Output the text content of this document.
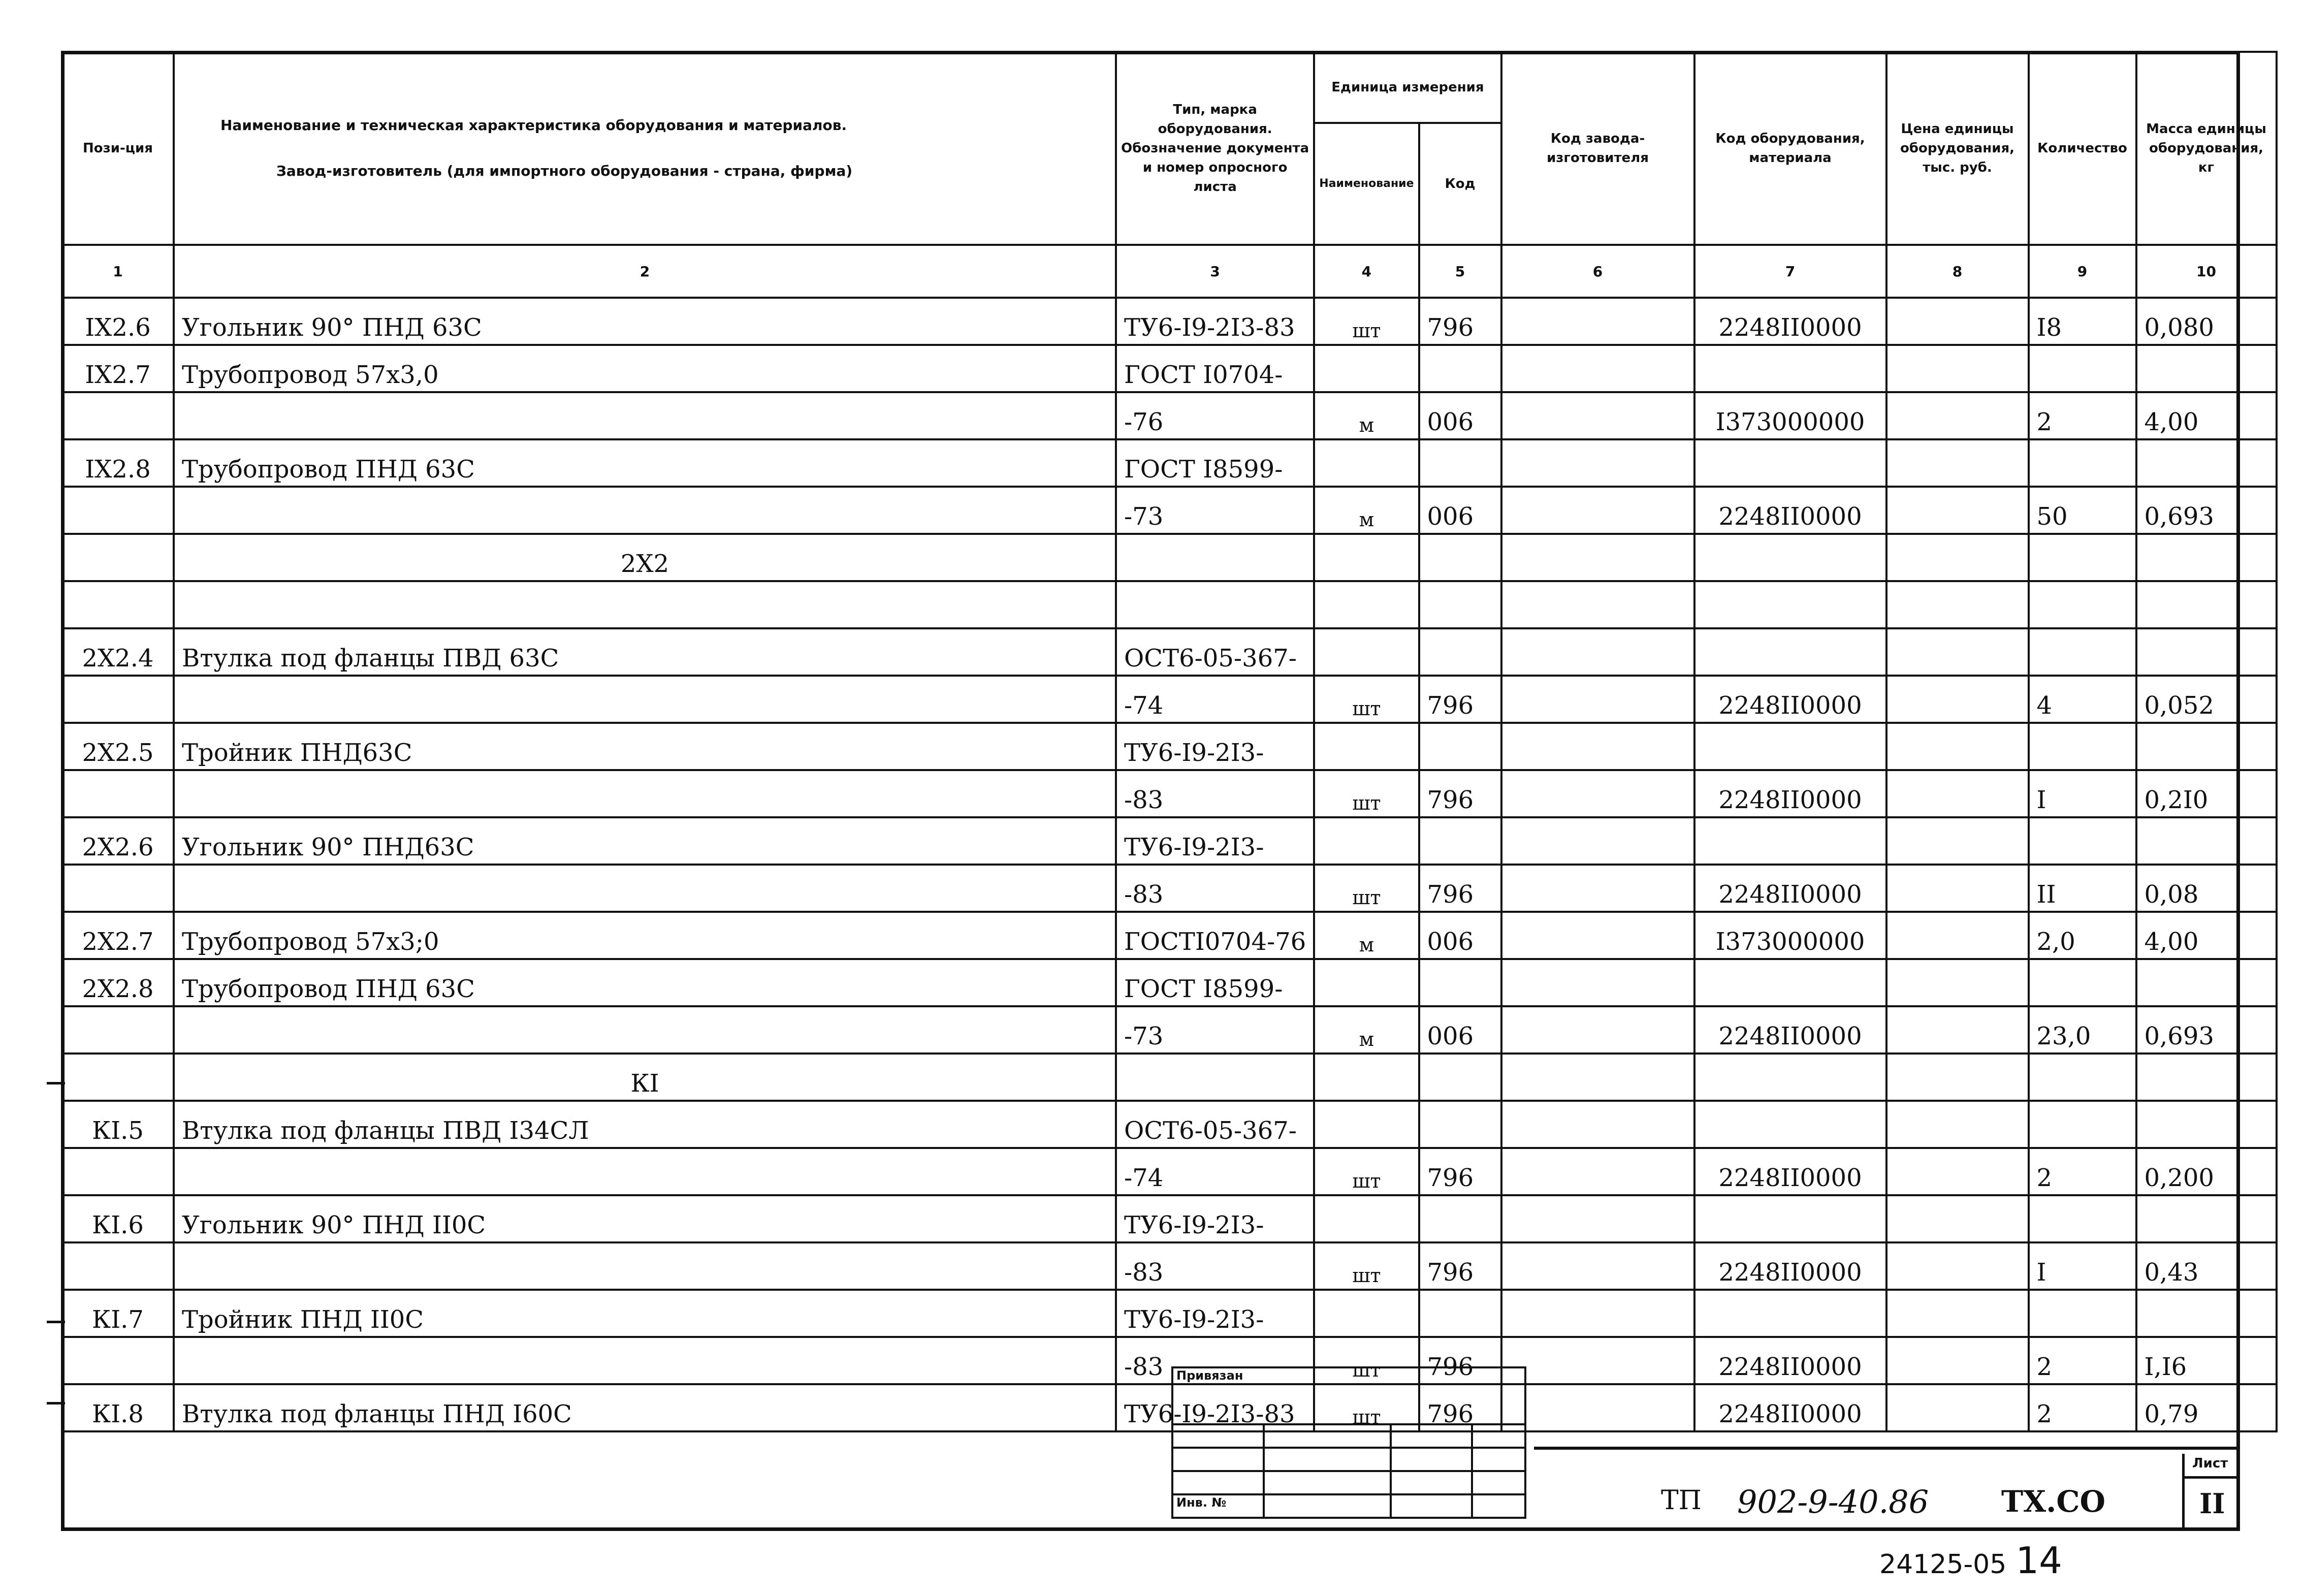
Пози-ция	Наименование и техническая характеристика оборудования и материалов.
Завод-изготовитель (для импортного оборудования - страна, фирма)	Тип, марка оборудования. Обозначение документа и номер опросного листа	Единица измерения		Код завода-изготовителя	Код оборудования, материала	Цена единицы оборудования, тыс. руб.	Количество	Масса единицы оборудования, кг
			Наименование	Код					
1	2	3	4	5	6	7	8	9	10
IX2.6	Угольник 90° ПНД 63С	ТУ6-I9-2I3-83	шт	796		2248II0000		I8	0,080
IX2.7	Трубопровод 57х3,0	ГОСТ I0704-							
		-76	м	006		I373000000		2	4,00
IX2.8	Трубопровод ПНД 63С	ГОСТ I8599-							
		-73	м	006		2248II0000		50	0,693
	2Х2								

2Х2.4	Втулка под фланцы ПВД 63С	ОСТ6-05-367-							
		-74	шт	796		2248II0000		4	0,052
2Х2.5	Тройник ПНД63С	ТУ6-I9-2I3-							
		-83	шт	796		2248II0000		I	0,2I0
2Х2.6	Угольник 90° ПНД63С	ТУ6-I9-2I3-							
		-83	шт	796		2248II0000		II	0,08
2Х2.7	Трубопровод 57х3;0	ГОСТI0704-76	м	006		I373000000		2,0	4,00
2Х2.8	Трубопровод ПНД 63С	ГОСТ I8599-							
		-73	м	006		2248II0000		23,0	0,693
	КI								
КI.5	Втулка под фланцы ПВД I34СЛ	ОСТ6-05-367-							
		-74	шт	796		2248II0000		2	0,200
КI.6	Угольник 90° ПНД II0С	ТУ6-I9-2I3-							
		-83	шт	796		2248II0000		I	0,43
КI.7	Тройник ПНД II0С	ТУ6-I9-2I3-							
		-83	шт	796		2248II0000		2	I,I6
КI.8	Втулка под фланцы ПНД I60С	ТУ6-I9-2I3-83	шт	796		2248II0000		2	0,79
Привязан			

Инв. №				ТП 902-9-40.86 ТХ.СО
Лист
II
24125-05 14
